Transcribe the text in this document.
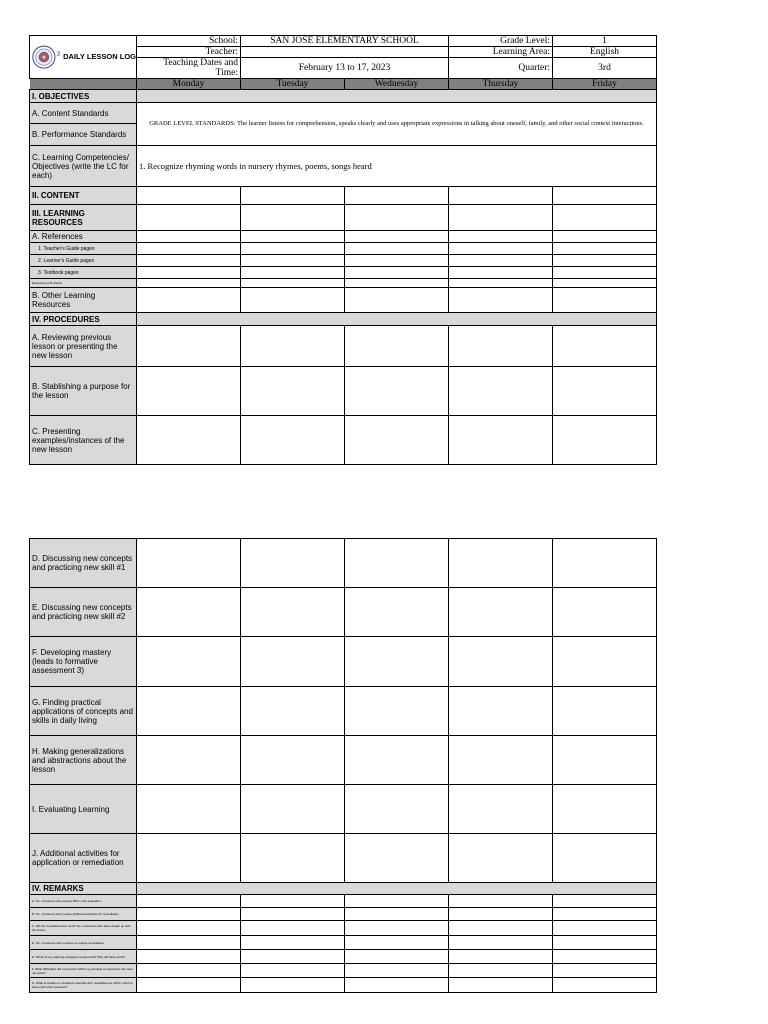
2 DAILY LESSON LOG	School:	SAN JOSE ELEMENTARY SCHOOL		Grade Level:	1
	Teacher:			Learning Area:	English
	Teaching Dates and Time:	February 13 to 17, 2023		Quarter:	3rd
	Monday	Tuesday	Wednesday	Thursday	Friday
I. OBJECTIVES					
A. Content Standards	GRADE LEVEL STANDARDS: The learner listens for comprehension, speaks clearly and uses appropriate expressions in talking about oneself, family, and other social context interactions.				
B. Performance Standards					
C. Learning Competencies/ Objectives (write the LC for each)	1. Recognize rhyming words in nursery rhymes, poems, songs heard				
II. CONTENT					
III. LEARNING RESOURCES					
A. References					
1. Teacher's Guide pages					
2. Learner's Guide pages					
3. Textbook pages					
Resources (LR) Portal					
B. Other Learning Resources					
IV. PROCEDURES					
A. Reviewing previous lesson or presenting the new lesson					
B. Stablishing a purpose for the lesson					
C. Presenting examples/instances of the new lesson					
D. Discussing new concepts and practicing new skill #1					
E. Discussing new concepts and practicing new skill #2					
F. Developing mastery (leads to formative assessment 3)					
G. Finding practical applications of concepts and skills in daily living					
H. Making generalizations and abstractions about the lesson					
I. Evaluating Learning					
J. Additional activities for application or remediation					
IV. REMARKS					
A. No. of learners who earned 80% in the evaluation					
B. No. of learners who require additional activities for remediation					
C. Did the remedial lesson work? No. of learners who have caught up with the lesson					
D. No. of learners who continue to require remediation					
E. Which of my teaching strategies worked well? Why did these work?					
F. What difficulties did I encounter which my principal or supervisor can help me solve?					
G. What innovation or localized materials did I used/discover which I wish to share with other teachers?					
